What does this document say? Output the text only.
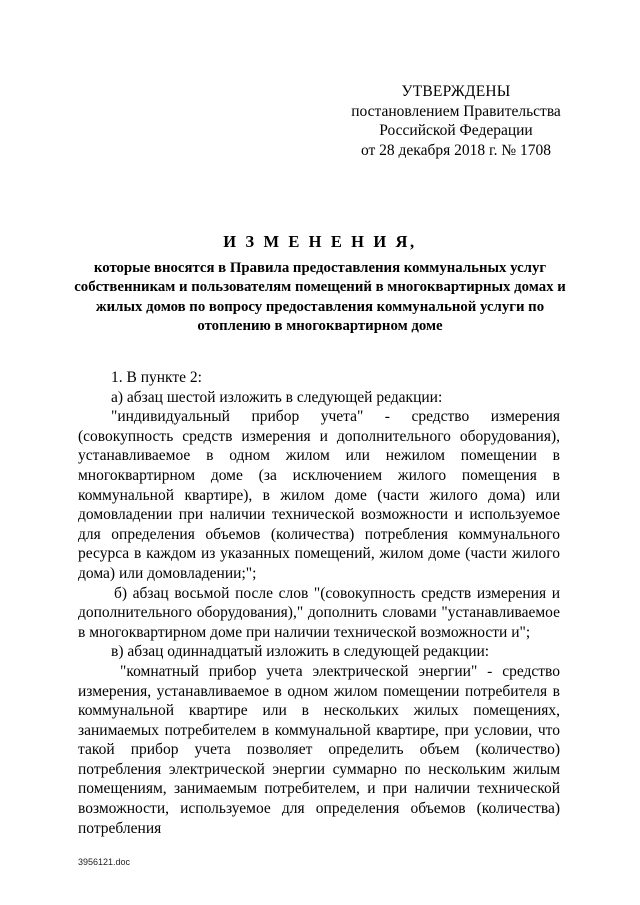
УТВЕРЖДЕНЫ
постановлением Правительства
Российской Федерации
от 28 декабря 2018 г. № 1708
И З М Е Н Е Н И Я,
которые вносятся в Правила предоставления коммунальных услуг собственникам и пользователям помещений в многоквартирных домах и жилых домов по вопросу предоставления коммунальной услуги по отоплению в многоквартирном доме

1. В пункте 2:

а) абзац шестой изложить в следующей редакции:

"индивидуальный прибор учета" - средство измерения (совокупность средств измерения и дополнительного оборудования), устанавливаемое в одном жилом или нежилом помещении в многоквартирном доме (за исключением жилого помещения в коммунальной квартире), в жилом доме (части жилого дома) или домовладении при наличии технической возможности и используемое для определения объемов (количества) потребления коммунального ресурса в каждом из указанных помещений, жилом доме (части жилого дома) или домовладении;";

б) абзац восьмой после слов "(совокупность средств измерения и дополнительного оборудования)," дополнить словами "устанавливаемое в многоквартирном доме при наличии технической возможности и";

в) абзац одиннадцатый изложить в следующей редакции:

"комнатный прибор учета электрической энергии" - средство измерения, устанавливаемое в одном жилом помещении потребителя в коммунальной квартире или в нескольких жилых помещениях, занимаемых потребителем в коммунальной квартире, при условии, что такой прибор учета позволяет определить объем (количество) потребления электрической энергии суммарно по нескольким жилым помещениям, занимаемым потребителем, и при наличии технической возможности, используемое для определения объемов (количества) потребления

3956121.doc
